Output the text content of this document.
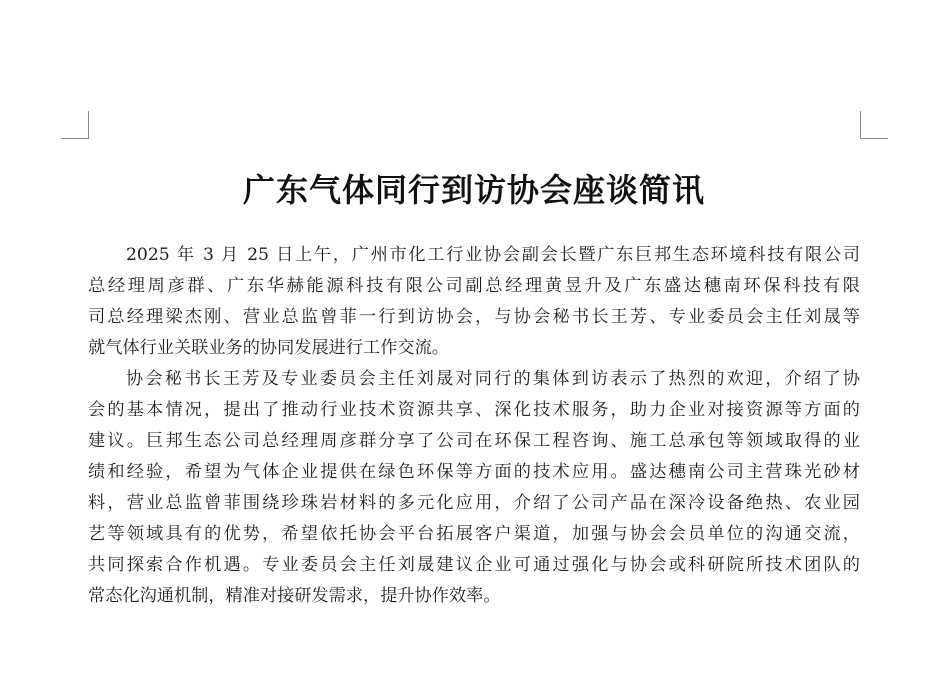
广东气体同行到访协会座谈简讯

2025 年 3 月 25 日上午，广州市化工行业协会副会长暨广东巨邦生态环境科技有限公司
总经理周彦群、广东华赫能源科技有限公司副总经理黄昱升及广东盛达穗南环保科技有限
司总经理梁杰刚、营业总监曾菲一行到访协会，与协会秘书长王芳、专业委员会主任刘晟等
就气体行业关联业务的协同发展进行工作交流。

协会秘书长王芳及专业委员会主任刘晟对同行的集体到访表示了热烈的欢迎，介绍了协
会的基本情况，提出了推动行业技术资源共享、深化技术服务，助力企业对接资源等方面的
建议。巨邦生态公司总经理周彦群分享了公司在环保工程咨询、施工总承包等领域取得的业
绩和经验，希望为气体企业提供在绿色环保等方面的技术应用。盛达穗南公司主营珠光砂材
料，营业总监曾菲围绕珍珠岩材料的多元化应用，介绍了公司产品在深冷设备绝热、农业园
艺等领域具有的优势，希望依托协会平台拓展客户渠道，加强与协会会员单位的沟通交流，
共同探索合作机遇。专业委员会主任刘晟建议企业可通过强化与协会或科研院所技术团队的
常态化沟通机制，精准对接研发需求，提升协作效率。
